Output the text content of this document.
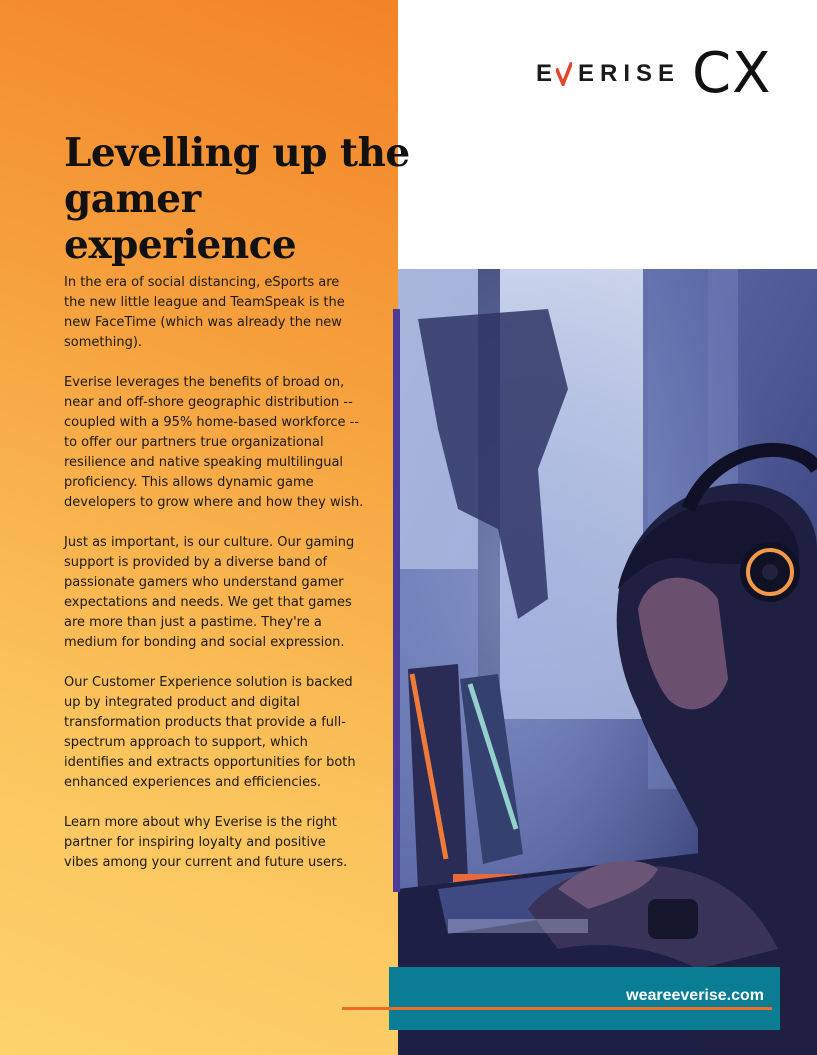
E ERISE CX
Levelling up the gamer
experience

In the era of social distancing, eSports are the new little league and TeamSpeak is the new FaceTime (which was already the new something).

Everise leverages the benefits of broad on, near and off-shore geographic distribution -- coupled with a 95% home-based workforce -- to offer our partners true organizational resilience and native speaking multilingual proficiency. This allows dynamic game developers to grow where and how they wish.

Just as important, is our culture. Our gaming support is provided by a diverse band of passionate gamers who understand gamer expectations and needs. We get that games are more than just a pastime. They're a medium for bonding and social expression.

Our Customer Experience solution is backed up by integrated product and digital transformation products that provide a full-spectrum approach to support, which identifies and extracts opportunities for both enhanced experiences and efficiencies.

Learn more about why Everise is the right partner for inspiring loyalty and positive vibes among your current and future users.

weareeverise.com
